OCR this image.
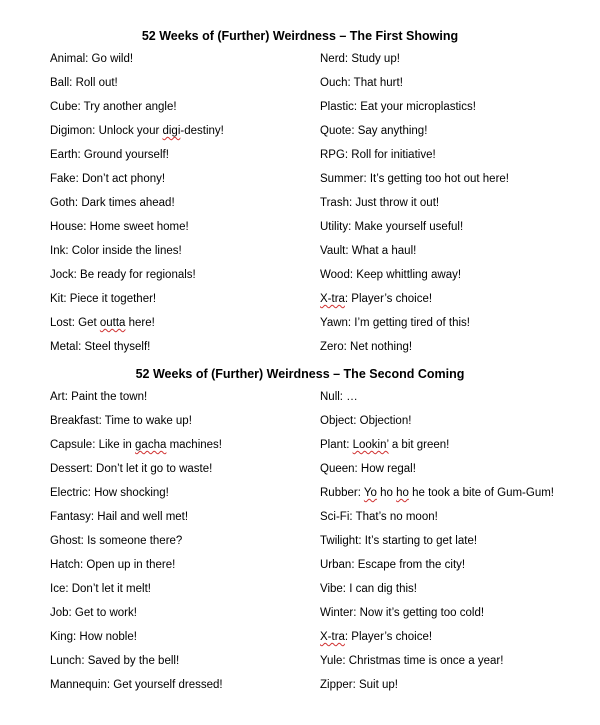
52 Weeks of (Further) Weirdness – The First Showing
Animal: Go wild!
Ball: Roll out!
Cube: Try another angle!
Digimon: Unlock your digi-destiny!
Earth: Ground yourself!
Fake: Don’t act phony!
Goth: Dark times ahead!
House: Home sweet home!
Ink: Color inside the lines!
Jock: Be ready for regionals!
Kit: Piece it together!
Lost: Get outta here!
Metal: Steel thyself!
Nerd: Study up!
Ouch: That hurt!
Plastic: Eat your microplastics!
Quote: Say anything!
RPG: Roll for initiative!
Summer: It’s getting too hot out here!
Trash: Just throw it out!
Utility: Make yourself useful!
Vault: What a haul!
Wood: Keep whittling away!
X-tra: Player’s choice!
Yawn: I’m getting tired of this!
Zero: Net nothing!
52 Weeks of (Further) Weirdness – The Second Coming
Art: Paint the town!
Breakfast: Time to wake up!
Capsule: Like in gacha machines!
Dessert: Don’t let it go to waste!
Electric: How shocking!
Fantasy: Hail and well met!
Ghost: Is someone there?
Hatch: Open up in there!
Ice: Don’t let it melt!
Job: Get to work!
King: How noble!
Lunch: Saved by the bell!
Mannequin: Get yourself dressed!
Null: …
Object: Objection!
Plant: Lookin’ a bit green!
Queen: How regal!
Rubber: Yo ho ho he took a bite of Gum-Gum!
Sci-Fi: That’s no moon!
Twilight: It’s starting to get late!
Urban: Escape from the city!
Vibe: I can dig this!
Winter: Now it’s getting too cold!
X-tra: Player’s choice!
Yule: Christmas time is once a year!
Zipper: Suit up!
